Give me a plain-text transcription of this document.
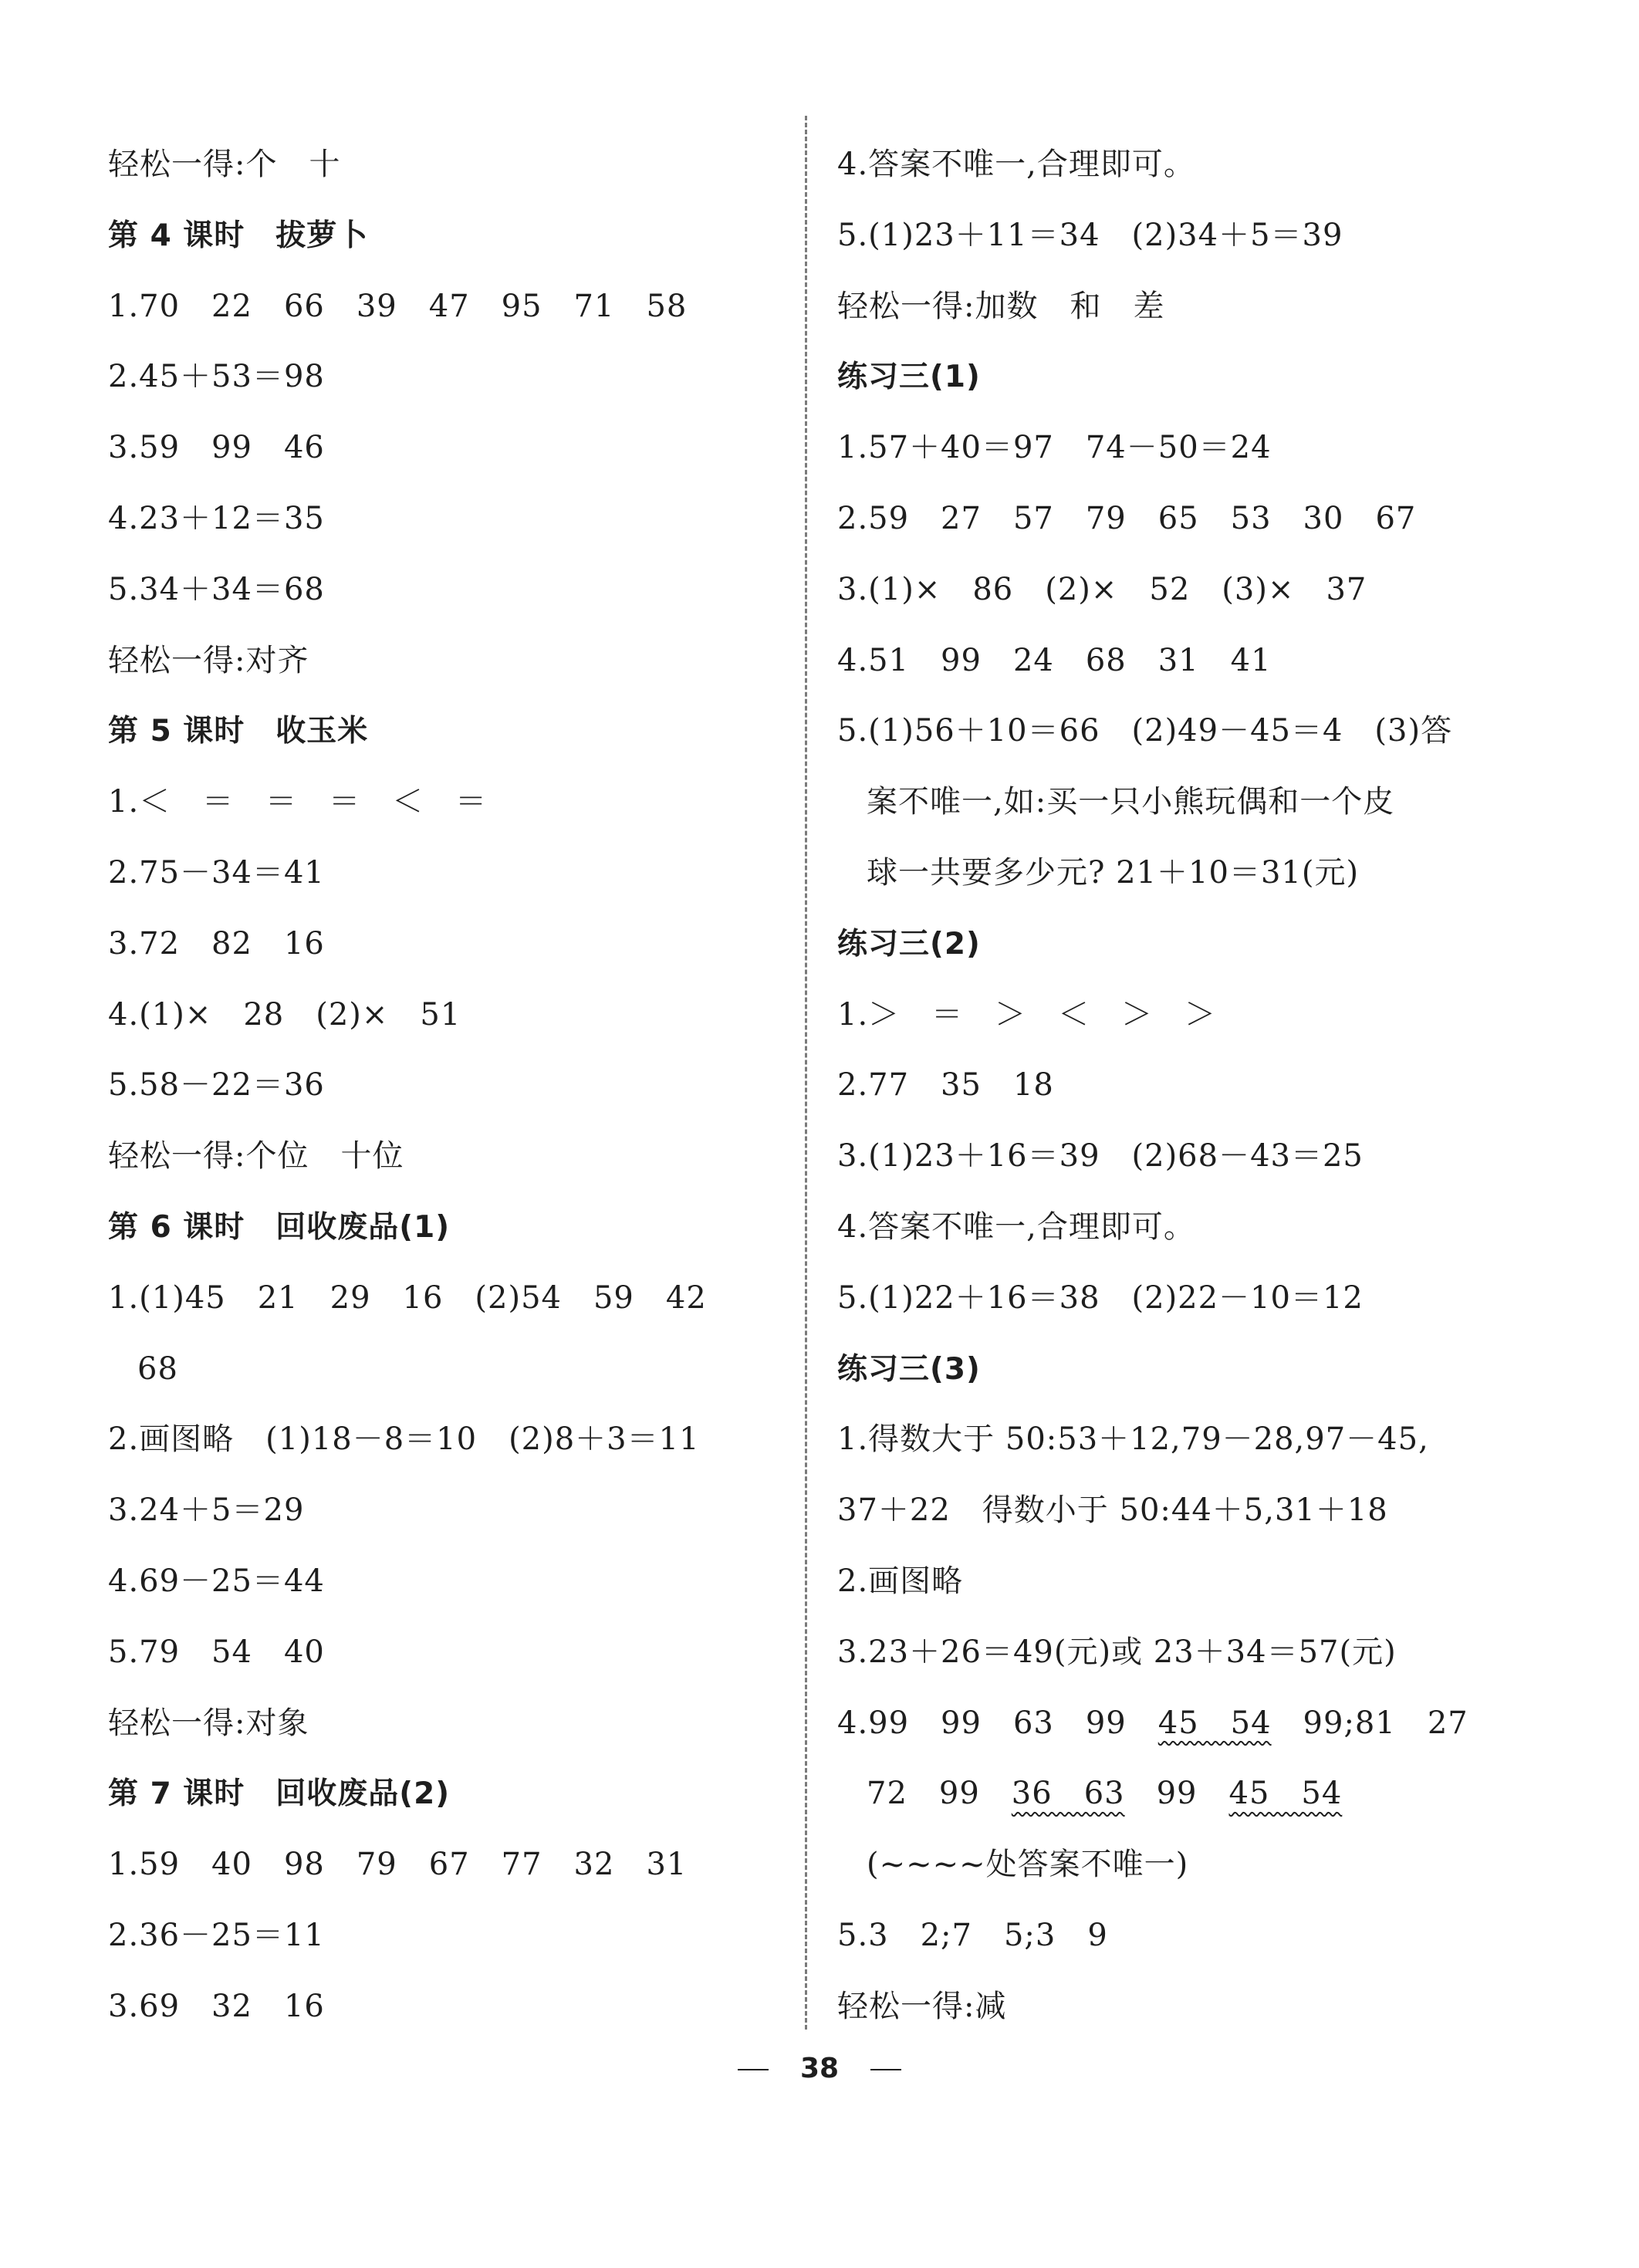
轻松一得:个　十
第 4 课时　拔萝卜
1.70　22　66　39　47　95　71　58
2.45＋53＝98
3.59　99　46
4.23＋12＝35
5.34＋34＝68
轻松一得:对齐
第 5 课时　收玉米
1.＜　＝　＝　＝　＜　＝
2.75－34＝41
3.72　82　16
4.(1)×　28　(2)×　51
5.58－22＝36
轻松一得:个位　十位
第 6 课时　回收废品(1)
1.(1)45　21　29　16　(2)54　59　42
68
2.画图略　(1)18－8＝10　(2)8＋3＝11
3.24＋5＝29
4.69－25＝44
5.79　54　40
轻松一得:对象
第 7 课时　回收废品(2)
1.59　40　98　79　67　77　32　31
2.36－25＝11
3.69　32　16
4.答案不唯一,合理即可。
5.(1)23＋11＝34　(2)34＋5＝39
轻松一得:加数　和　差
练习三(1)
1.57＋40＝97　74－50＝24
2.59　27　57　79　65　53　30　67
3.(1)×　86　(2)×　52　(3)×　37
4.51　99　24　68　31　41
5.(1)56＋10＝66　(2)49－45＝4　(3)答
案不唯一,如:买一只小熊玩偶和一个皮
球一共要多少元? 21＋10＝31(元)
练习三(2)
1.＞　＝　＞　＜　＞　＞
2.77　35　18
3.(1)23＋16＝39　(2)68－43＝25
4.答案不唯一,合理即可。
5.(1)22＋16＝38　(2)22－10＝12
练习三(3)
1.得数大于 50:53＋12,79－28,97－45,
37＋22　得数小于 50:44＋5,31＋18
2.画图略
3.23＋26＝49(元)或 23＋34＝57(元)
4.99　99　63　99　45　54　99;81　27
72　99　36　63　99　45　54
(~~~~处答案不唯一)
5.3　2;7　5;3　9
轻松一得:减
38
